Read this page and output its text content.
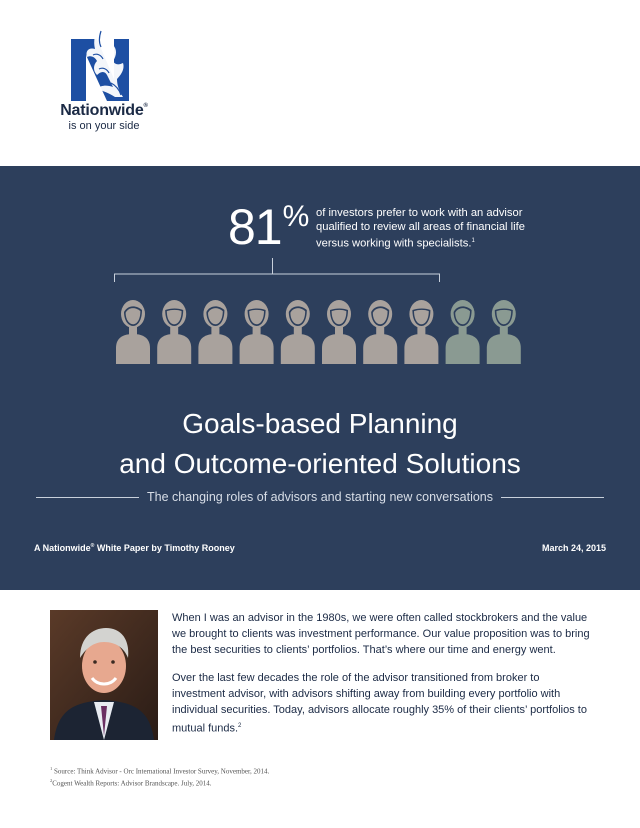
Nationwide®
is on your side
81% of investors prefer to work with an advisor qualified to review all areas of financial life versus working with specialists.$^1$
Goals-based Planning
and Outcome-oriented Solutions
The changing roles of advisors and starting new conversations
A Nationwide® White Paper by Timothy Rooney	March 24, 2015

When I was an advisor in the 1980s, we were often called stockbrokers and the value we brought to clients was investment performance. Our value proposition was to bring the best securities to clients’ portfolios. That’s where our time and energy went.

Over the last few decades the role of the advisor transitioned from broker to investment advisor, with advisors shifting away from building every portfolio with individual securities. Today, advisors allocate roughly 35% of their clients’ portfolios to mutual funds.$^2$

$^1$ Source: Think Advisor - Orc International Investor Survey, November, 2014.
$^2$Cogent Wealth Reports: Advisor Brandscape. July, 2014.
